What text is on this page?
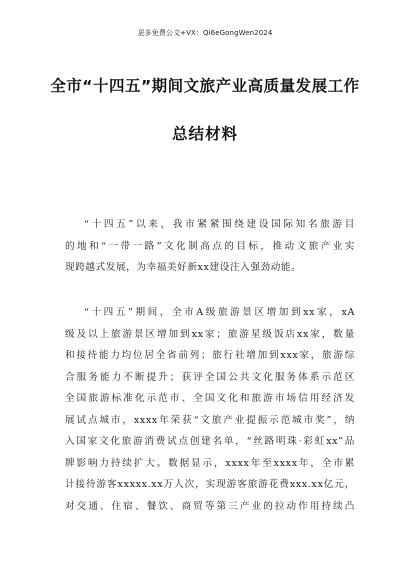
更多免费公文+VX：Qi6eGongWen2024
全市“十四五”期间文旅产业高质量发展工作
总结材料
“十四五”以来，我市紧紧围绕建设国际知名旅游目
的地和“一带一路”文化制高点的目标，推动文旅产业实
现跨越式发展，为幸福美好新xx建设注入强劲动能。
“十四五”期间，全市A级旅游景区增加到xx家，xA
级及以上旅游景区增加到xx家；旅游星级饭店xx家，数量
和接待能力均位居全省前列；旅行社增加到xxx家，旅游综
合服务能力不断提升；获评全国公共文化服务体系示范区
全国旅游标准化示范市、全国文化和旅游市场信用经济发
展试点城市，xxxx年荣获“文旅产业提振示范城市奖”，纳
入国家文化旅游消费试点创建名单，“丝路明珠·彩虹xx”品
牌影响力持续扩大。数据显示，xxxx年至xxxx年，全市累
计接待游客xxxxx.xx万人次，实现游客旅游花费xxx.xx亿元，
对交通、住宿、餐饮、商贸等第三产业的拉动作用持续凸
